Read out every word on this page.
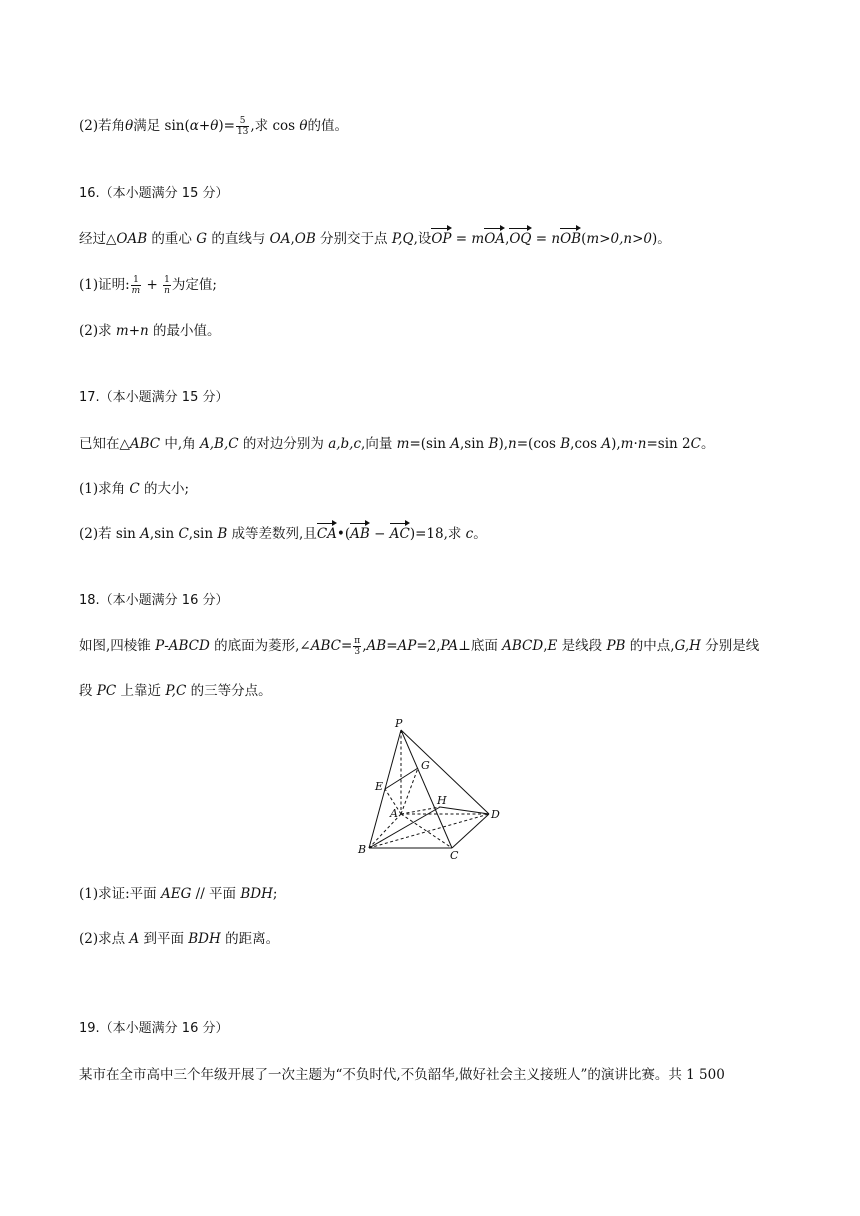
(2)若角θ满足 $\sin(\alpha+\theta)= \frac{5}{13}$ ,求 cos θ的值。
16.（本小题满分 15 分）
经过△OAB 的重心 G 的直线与 OA,OB 分别交于点 P,Q,设OP = mOA,OQ = nOB(m>0,n>0)。
(1)证明: $\frac{1}{m} + \frac{1}{n}$ 为定值;
(2)求 m+n 的最小值。
17.（本小题满分 15 分）
已知在△ABC 中,角 A,B,C 的对边分别为 a,b,c,向量 m=(sin A,sin B),n=(cos B,cos A),m·n=sin 2C。
(1)求角 C 的大小;
(2)若 sin A,sin C,sin B 成等差数列,且CA•(AB − AC)=18,求 c。
18.（本小题满分 16 分）
如图,四棱锥 P-ABCD 的底面为菱形,∠ABC= $\frac{\pi}{3}$ ,AB=AP=2,PA⊥底面 ABCD,E 是线段 PB 的中点,G,H 分别是线
段 PC 上靠近 P,C 的三等分点。
P
G
E
H
A	D
B	C
(1)求证:平面 AEG // 平面 BDH;
(2)求点 A 到平面 BDH 的距离。
19.（本小题满分 16 分）
某市在全市高中三个年级开展了一次主题为“不负时代,不负韶华,做好社会主义接班人”的演讲比赛。共 1 500
